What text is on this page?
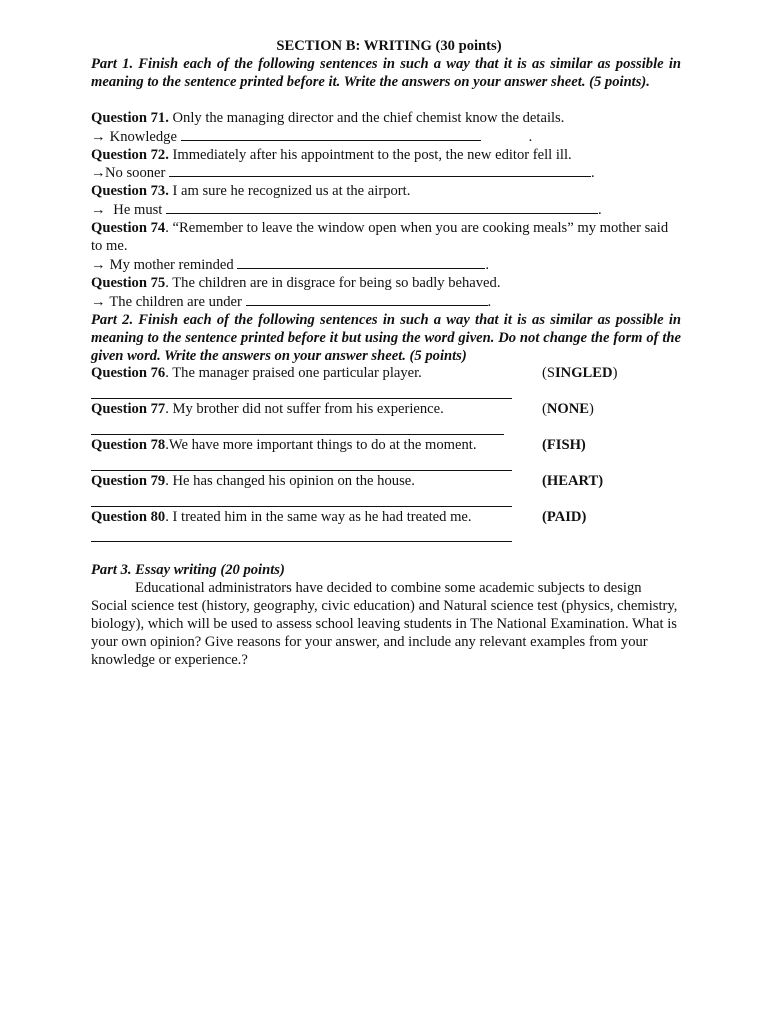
SECTION B: WRITING (30 points)

Part 1. Finish each of the following sentences in such a way that it is as similar as possible in meaning to the sentence printed before it. Write the answers on your answer sheet. (5 points).

Question 71. Only the managing director and the chief chemist know the details.

→ Knowledge	.

Question 72. Immediately after his appointment to the post, the new editor fell ill.

→No sooner	.

Question 73. I am sure he recognized us at the airport.

→  He must	.

Question 74. “Remember to leave the window open when you are cooking meals” my mother said to me.

→ My mother reminded	.

Question 75. The children are in disgrace for being so badly behaved.

→ The children are under	.

Part 2. Finish each of the following sentences in such a way that it is as similar as possible in meaning to the sentence printed before it but using the word given. Do not change the form of the given word. Write the answers on your answer sheet. (5 points)

Question 76. The manager praised one particular player.	(SINGLED)
Question 77. My brother did not suffer from his experience.	(NONE)
Question 78.We have more important things to do at the moment.	(FISH)
Question 79. He has changed his opinion on the house.	(HEART)
Question 80. I treated him in the same way as he had treated me.	(PAID)

Part 3. Essay writing (20 points)

Educational administrators have decided to combine some academic subjects to design Social science test (history, geography, civic education) and Natural science test (physics, chemistry, biology), which will be used to assess school leaving students in The National Examination. What is your own opinion? Give reasons for your answer, and include any relevant examples from your knowledge or experience.?
